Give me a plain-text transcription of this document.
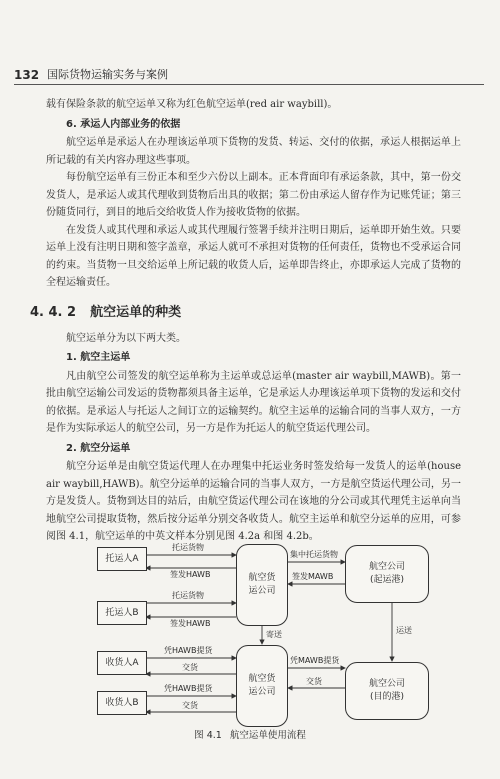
132 国际货物运输实务与案例

载有保险条款的航空运单又称为红色航空运单(red air waybill)。

6. 承运人内部业务的依据

航空运单是承运人在办理该运单项下货物的发货、转运、交付的依据，承运人根据运单上所记载的有关内容办理这些事项。

每份航空运单有三份正本和至少六份以上副本。正本背面印有承运条款，其中，第一份交发货人，是承运人或其代理收到货物后出具的收据；第二份由承运人留存作为记账凭证；第三份随货同行，到目的地后交给收货人作为接收货物的依据。

在发货人或其代理和承运人或其代理履行签署手续并注明日期后，运单即开始生效。只要运单上没有注明日期和签字盖章，承运人就可不承担对货物的任何责任，货物也不受承运合同的约束。当货物一旦交给运单上所记载的收货人后，运单即告终止，亦即承运人完成了货物的全程运输责任。

4. 4. 2 航空运单的种类

航空运单分为以下两大类。

1. 航空主运单

凡由航空公司签发的航空运单称为主运单或总运单(master air waybill,MAWB)。第一批由航空运输公司发运的货物都须具备主运单，它是承运人办理该运单项下货物的发运和交付的依据。是承运人与托运人之间订立的运输契约。航空主运单的运输合同的当事人双方，一方是作为实际承运人的航空公司，另一方是作为托运人的航空货运代理公司。

2. 航空分运单

航空分运单是由航空货运代理人在办理集中托运业务时签发给每一发货人的运单(house air waybill,HAWB)。航空分运单的运输合同的当事人双方，一方是航空货运代理公司，另一方是发货人。货物到达目的站后，由航空货运代理公司在该地的分公司或其代理凭主运单向当地航空公司提取货物，然后按分运单分别交各收货人。航空主运单和航空分运单的应用，可参阅图 4.1，航空运单的中英文样本分别见图 4.2a 和图 4.2b。

托运人A
托运人B
航空货
运公司
航空公司
(起运港)
收货人A
收货人B
航空货
运公司
航空公司
(目的港)
托运货物
签发HAWB
托运货物
签发HAWB
集中托运货物
签发MAWB
寄送	运送
凭HAWB提货
交货
凭HAWB提货
交货
凭MAWB提货
交货
图 4.1 航空运单使用流程
